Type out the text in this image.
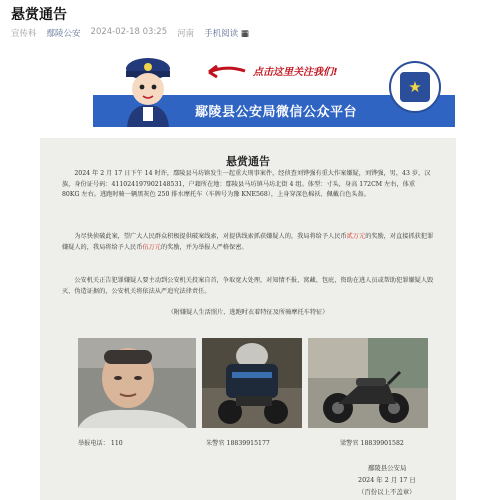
悬赏通告
宣传科 鄢陵公安 2024-02-18 03:25 河南 手机阅读 ▦
鄢陵县公安局微信公众平台
点击这里关注我们!
★
悬赏通告
  2024 年 2 月 17 日下午 14 时许，鄢陵县马坊镇发生一起重大刑事案件，经侦查刘铧强有重大作案嫌疑，刘铧强，男，43 岁，汉族，身份证号码：411024197902148531，户籍所在地：鄢陵县马坊镇马坊北街 4 组。体型：寸头，身高 172CM 左右，体重 80KG 左右。逃跑时骑一辆黑灰色 250 排水摩托车（车牌号为豫 KNE568），上身穿深色棉袄、佩戴白色头盔。
  为尽快侦破此案，望广大人民群众积极提供破案线索，对提供线索抓获嫌疑人的，我局将给予人民币贰万元的奖励，对直接抓获犯罪嫌疑人的，我局将给予人民币伍万元的奖励，并为举报人严格保密。
  公安机关正告犯罪嫌疑人要主动到公安机关投案自首，争取宽大处理，对知情不报、窝藏、包庇，资助在逃人员或帮助犯罪嫌疑人毁灭、伪造证据的，公安机关将依法从严追究法律责任。
（附嫌疑人生活照片、逃跑时衣着特征及所骑摩托车特征）
举报电话： 110	朱警官 18839915177	梁警官 18839901582
鄢陵县公安局
2024 年 2 月 17 日
（百份以上不盖章）
